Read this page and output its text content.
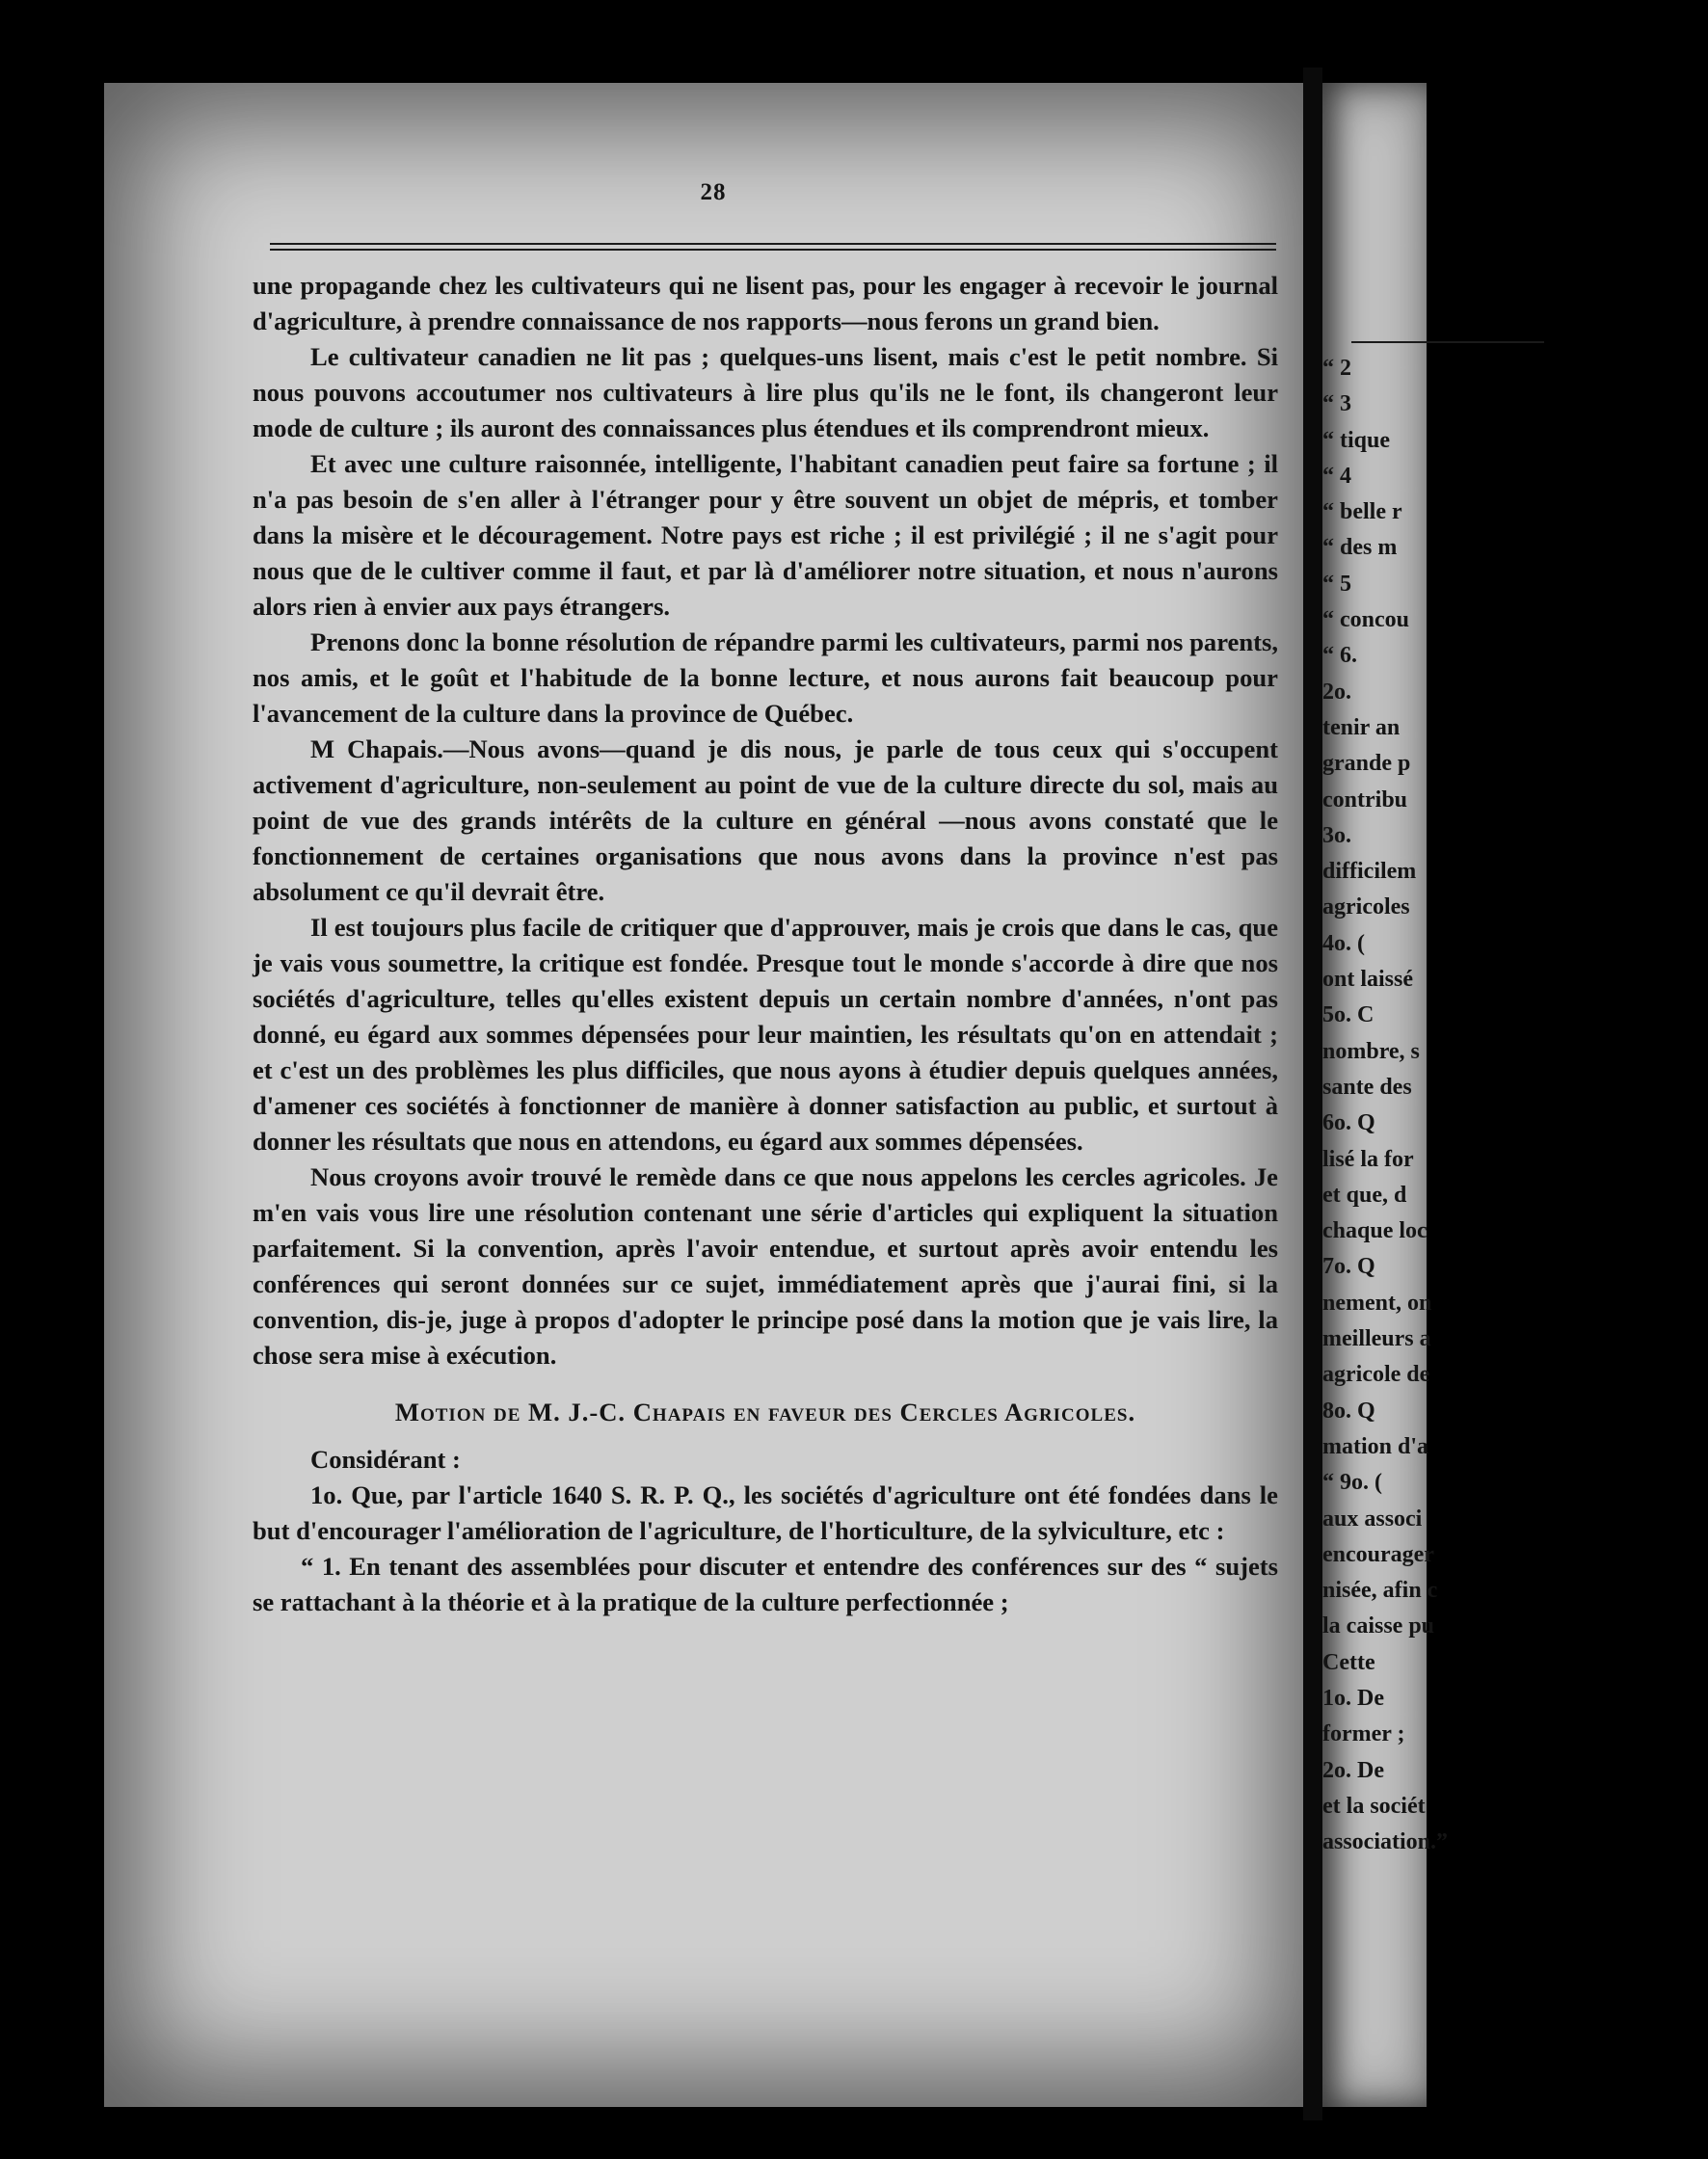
“ 2
“ 3
“ tique
“ 4
“ belle r
“ des m
“ 5
“ concou
“ 6.
2o.
tenir an
grande p
contribu
3o.
difficilem
agricoles
4o. (
ont laissé
5o. C
nombre, s
sante des
6o. Q
lisé la for
et que, d
chaque loc
7o. Q
nement, on
meilleurs a
agricole de
8o. Q
mation d'a
“ 9o. (
aux associ
encourager
nisée, afin c
la caisse pu
Cette
1o. De
former ;
2o. De
et la sociét
association.”
28

une propagande chez les cultivateurs qui ne lisent pas, pour les engager à recevoir le journal d'agriculture, à prendre connaissance de nos rapports—nous ferons un grand bien.

Le cultivateur canadien ne lit pas ; quelques-uns lisent, mais c'est le petit nombre. Si nous pouvons accoutumer nos cultivateurs à lire plus qu'ils ne le font, ils changeront leur mode de culture ; ils auront des connaissances plus étendues et ils comprendront mieux.

Et avec une culture raisonnée, intelligente, l'habitant canadien peut faire sa fortune ; il n'a pas besoin de s'en aller à l'étranger pour y être souvent un objet de mépris, et tomber dans la misère et le découragement. Notre pays est riche ; il est privilégié ; il ne s'agit pour nous que de le cultiver comme il faut, et par là d'améliorer notre situation, et nous n'aurons alors rien à envier aux pays étrangers.

Prenons donc la bonne résolution de répandre parmi les cultivateurs, parmi nos parents, nos amis, et le goût et l'habitude de la bonne lecture, et nous aurons fait beaucoup pour l'avancement de la culture dans la province de Québec.

M Chapais.—Nous avons—quand je dis nous, je parle de tous ceux qui s'occupent activement d'agriculture, non-seulement au point de vue de la culture directe du sol, mais au point de vue des grands intérêts de la culture en général —nous avons constaté que le fonctionnement de certaines organisations que nous avons dans la province n'est pas absolument ce qu'il devrait être.

Il est toujours plus facile de critiquer que d'approuver, mais je crois que dans le cas, que je vais vous soumettre, la critique est fondée. Presque tout le monde s'accorde à dire que nos sociétés d'agriculture, telles qu'elles existent depuis un certain nombre d'années, n'ont pas donné, eu égard aux sommes dépensées pour leur maintien, les résultats qu'on en attendait ; et c'est un des problèmes les plus difficiles, que nous ayons à étudier depuis quelques années, d'amener ces sociétés à fonctionner de manière à donner satisfaction au public, et surtout à donner les résultats que nous en attendons, eu égard aux sommes dépensées.

Nous croyons avoir trouvé le remède dans ce que nous appelons les cercles agricoles. Je m'en vais vous lire une résolution contenant une série d'articles qui expliquent la situation parfaitement. Si la convention, après l'avoir entendue, et surtout après avoir entendu les conférences qui seront données sur ce sujet, immédiatement après que j'aurai fini, si la convention, dis-je, juge à propos d'adopter le principe posé dans la motion que je vais lire, la chose sera mise à exécution.

Motion de M. J.-C. Chapais en faveur des Cercles Agricoles.

Considérant :

1o. Que, par l'article 1640 S. R. P. Q., les sociétés d'agriculture ont été fondées dans le but d'encourager l'amélioration de l'agriculture, de l'horticulture, de la sylviculture, etc :

“ 1. En tenant des assemblées pour discuter et entendre des conférences sur des “ sujets se rattachant à la théorie et à la pratique de la culture perfectionnée ;
